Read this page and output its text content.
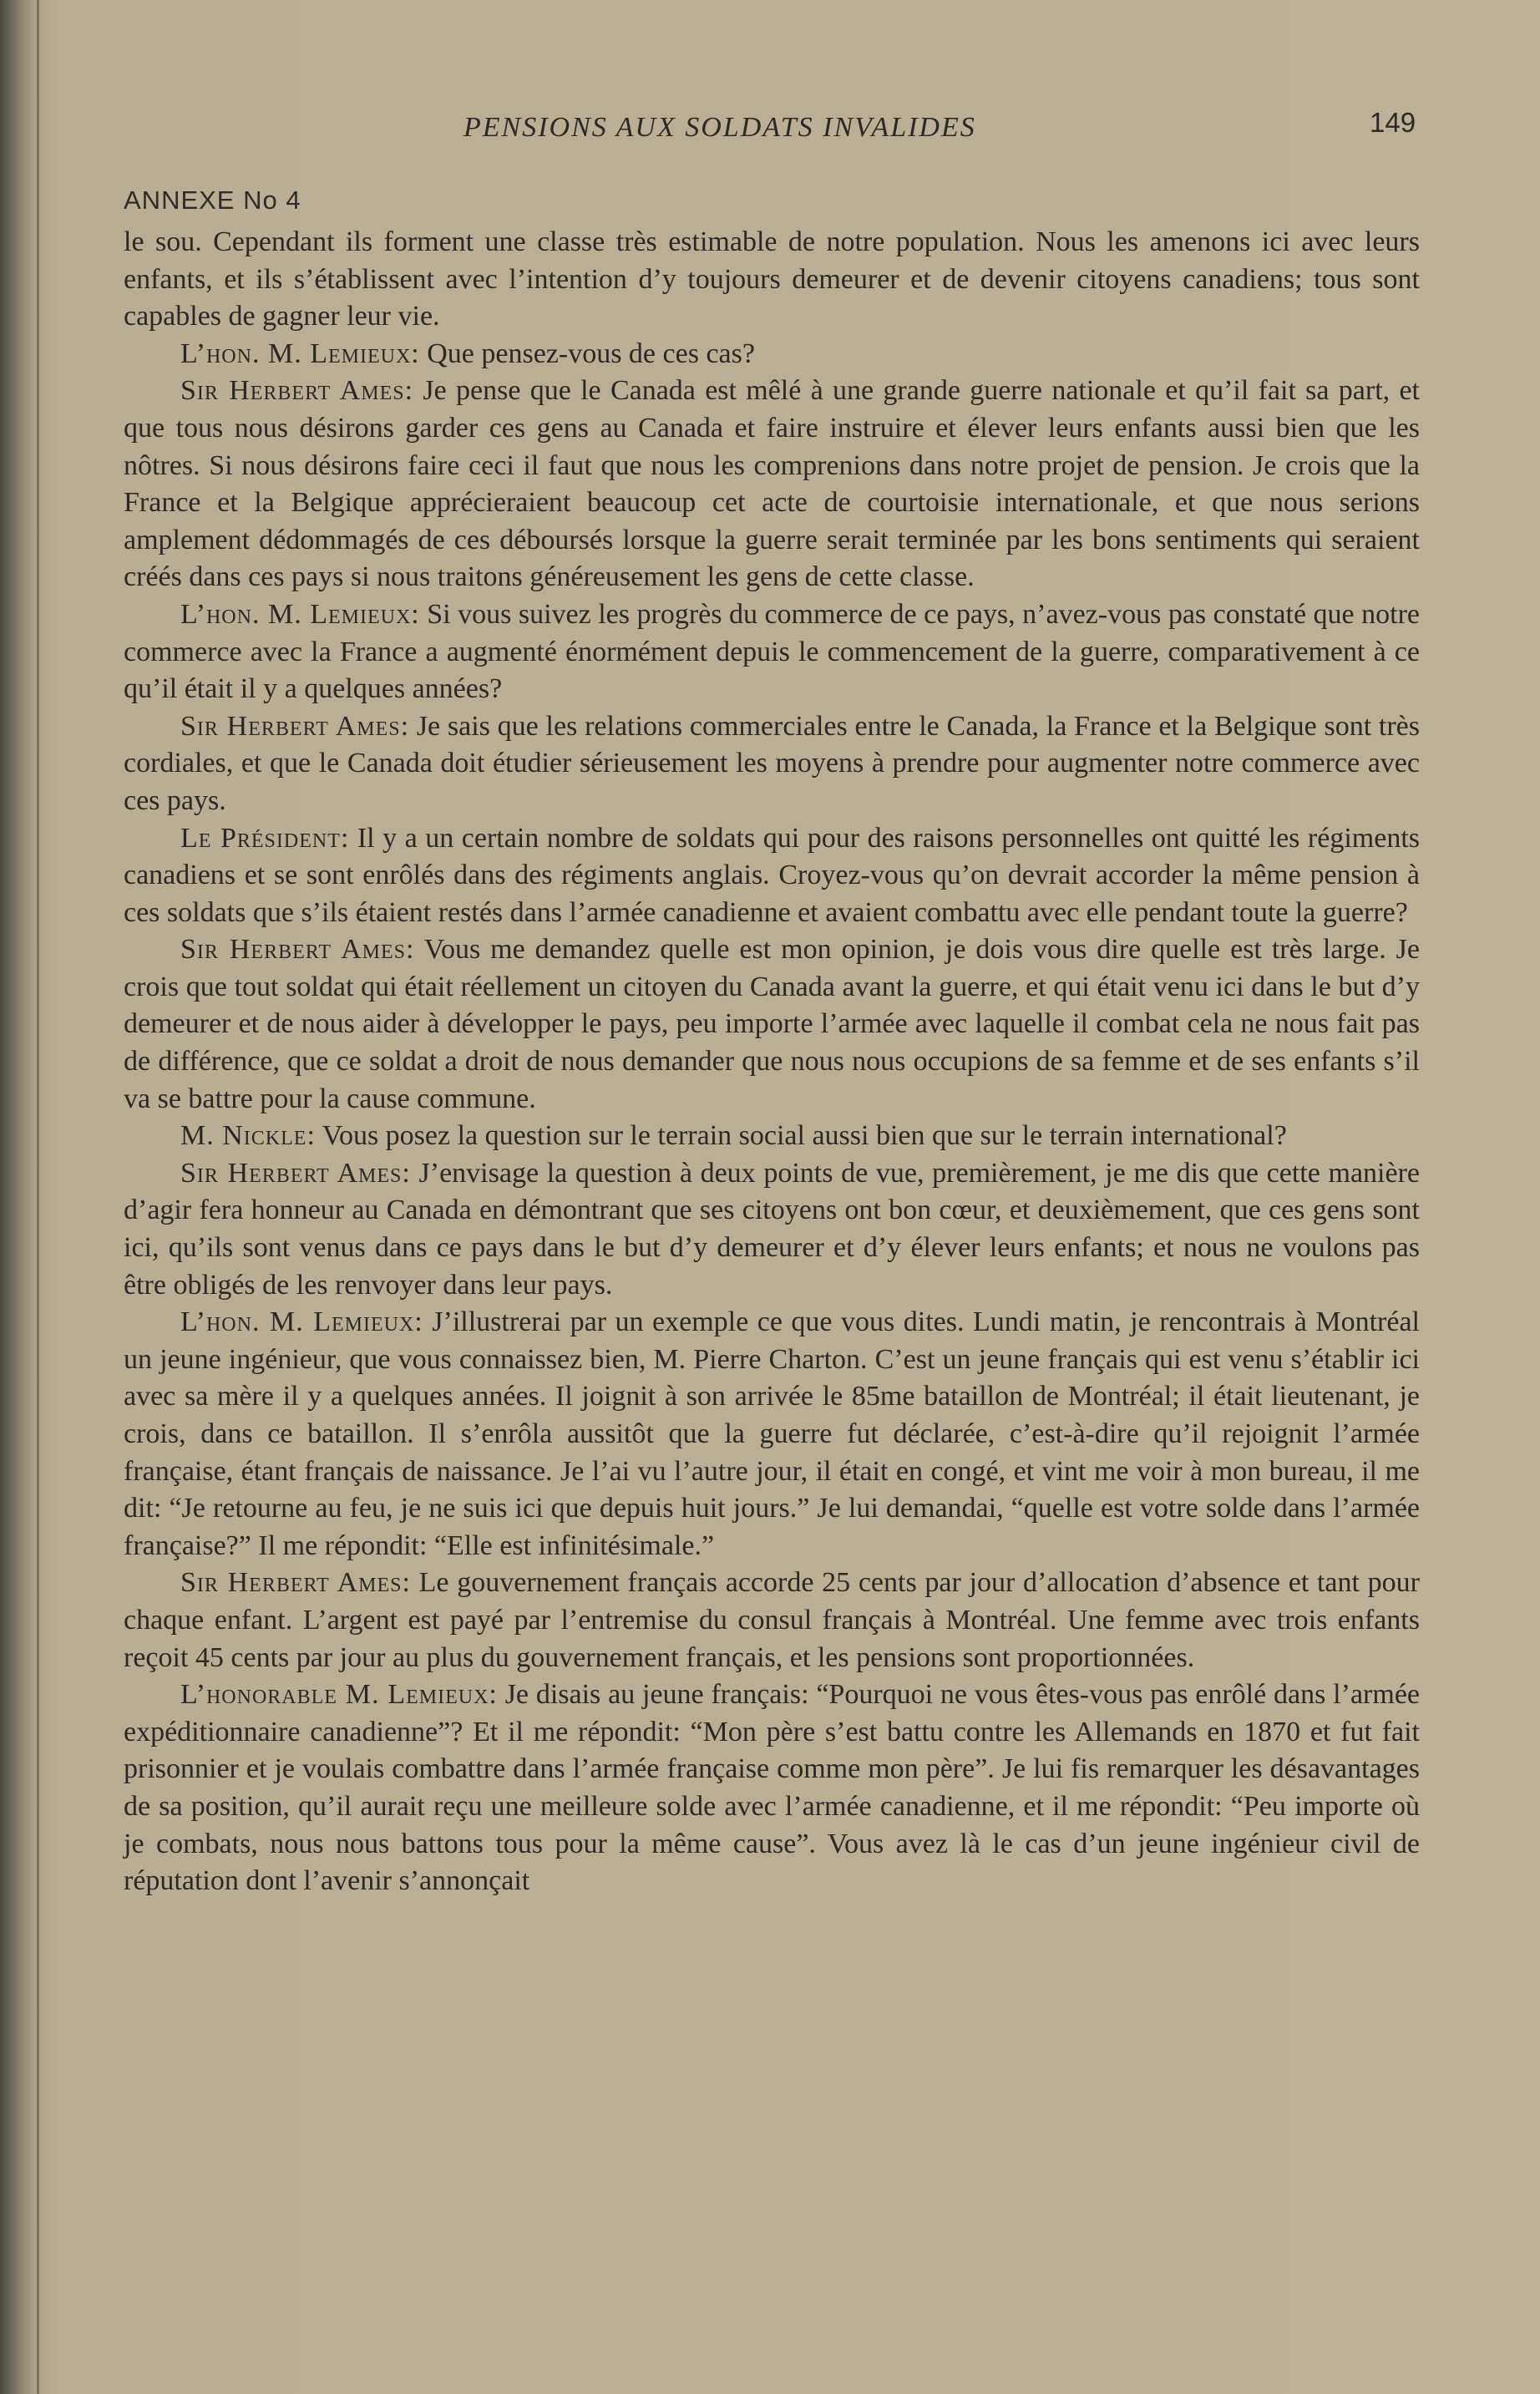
PENSIONS AUX SOLDATS INVALIDES	149
ANNEXE No 4

le sou. Cependant ils forment une classe très estimable de notre population. Nous les amenons ici avec leurs enfants, et ils s’établissent avec l’intention d’y toujours demeurer et de devenir citoyens canadiens; tous sont capables de gagner leur vie.

L’hon. M. Lemieux: Que pensez-vous de ces cas?

Sir Herbert Ames: Je pense que le Canada est mêlé à une grande guerre nationale et qu’il fait sa part, et que tous nous désirons garder ces gens au Canada et faire instruire et élever leurs enfants aussi bien que les nôtres. Si nous désirons faire ceci il faut que nous les comprenions dans notre projet de pension. Je crois que la France et la Belgique apprécieraient beaucoup cet acte de courtoisie internationale, et que nous serions amplement dédommagés de ces déboursés lorsque la guerre serait terminée par les bons sentiments qui seraient créés dans ces pays si nous traitons généreusement les gens de cette classe.

L’hon. M. Lemieux: Si vous suivez les progrès du commerce de ce pays, n’avez-vous pas constaté que notre commerce avec la France a augmenté énormément depuis le commencement de la guerre, comparativement à ce qu’il était il y a quelques années?

Sir Herbert Ames: Je sais que les relations commerciales entre le Canada, la France et la Belgique sont très cordiales, et que le Canada doit étudier sérieusement les moyens à prendre pour augmenter notre commerce avec ces pays.

Le Président: Il y a un certain nombre de soldats qui pour des raisons personnelles ont quitté les régiments canadiens et se sont enrôlés dans des régiments anglais. Croyez-vous qu’on devrait accorder la même pension à ces soldats que s’ils étaient restés dans l’armée canadienne et avaient combattu avec elle pendant toute la guerre?

Sir Herbert Ames: Vous me demandez quelle est mon opinion, je dois vous dire quelle est très large. Je crois que tout soldat qui était réellement un citoyen du Canada avant la guerre, et qui était venu ici dans le but d’y demeurer et de nous aider à développer le pays, peu importe l’armée avec laquelle il combat cela ne nous fait pas de différence, que ce soldat a droit de nous demander que nous nous occupions de sa femme et de ses enfants s’il va se battre pour la cause commune.

M. Nickle: Vous posez la question sur le terrain social aussi bien que sur le terrain international?

Sir Herbert Ames: J’envisage la question à deux points de vue, premièrement, je me dis que cette manière d’agir fera honneur au Canada en démontrant que ses citoyens ont bon cœur, et deuxièmement, que ces gens sont ici, qu’ils sont venus dans ce pays dans le but d’y demeurer et d’y élever leurs enfants; et nous ne voulons pas être obligés de les renvoyer dans leur pays.

L’hon. M. Lemieux: J’illustrerai par un exemple ce que vous dites. Lundi matin, je rencontrais à Montréal un jeune ingénieur, que vous connaissez bien, M. Pierre Charton. C’est un jeune français qui est venu s’établir ici avec sa mère il y a quelques années. Il joignit à son arrivée le 85me bataillon de Montréal; il était lieutenant, je crois, dans ce bataillon. Il s’enrôla aussitôt que la guerre fut déclarée, c’est-à-dire qu’il rejoignit l’armée française, étant français de naissance. Je l’ai vu l’autre jour, il était en congé, et vint me voir à mon bureau, il me dit: “Je retourne au feu, je ne suis ici que depuis huit jours.” Je lui demandai, “quelle est votre solde dans l’armée française?” Il me répondit: “Elle est infinitésimale.”

Sir Herbert Ames: Le gouvernement français accorde 25 cents par jour d’allocation d’absence et tant pour chaque enfant. L’argent est payé par l’entremise du consul français à Montréal. Une femme avec trois enfants reçoit 45 cents par jour au plus du gouvernement français, et les pensions sont proportionnées.

L’honorable M. Lemieux: Je disais au jeune français: “Pourquoi ne vous êtes-vous pas enrôlé dans l’armée expéditionnaire canadienne”? Et il me répondit: “Mon père s’est battu contre les Allemands en 1870 et fut fait prisonnier et je voulais combattre dans l’armée française comme mon père”. Je lui fis remarquer les désavantages de sa position, qu’il aurait reçu une meilleure solde avec l’armée canadienne, et il me répondit: “Peu importe où je combats, nous nous battons tous pour la même cause”. Vous avez là le cas d’un jeune ingénieur civil de réputation dont l’avenir s’annonçait
